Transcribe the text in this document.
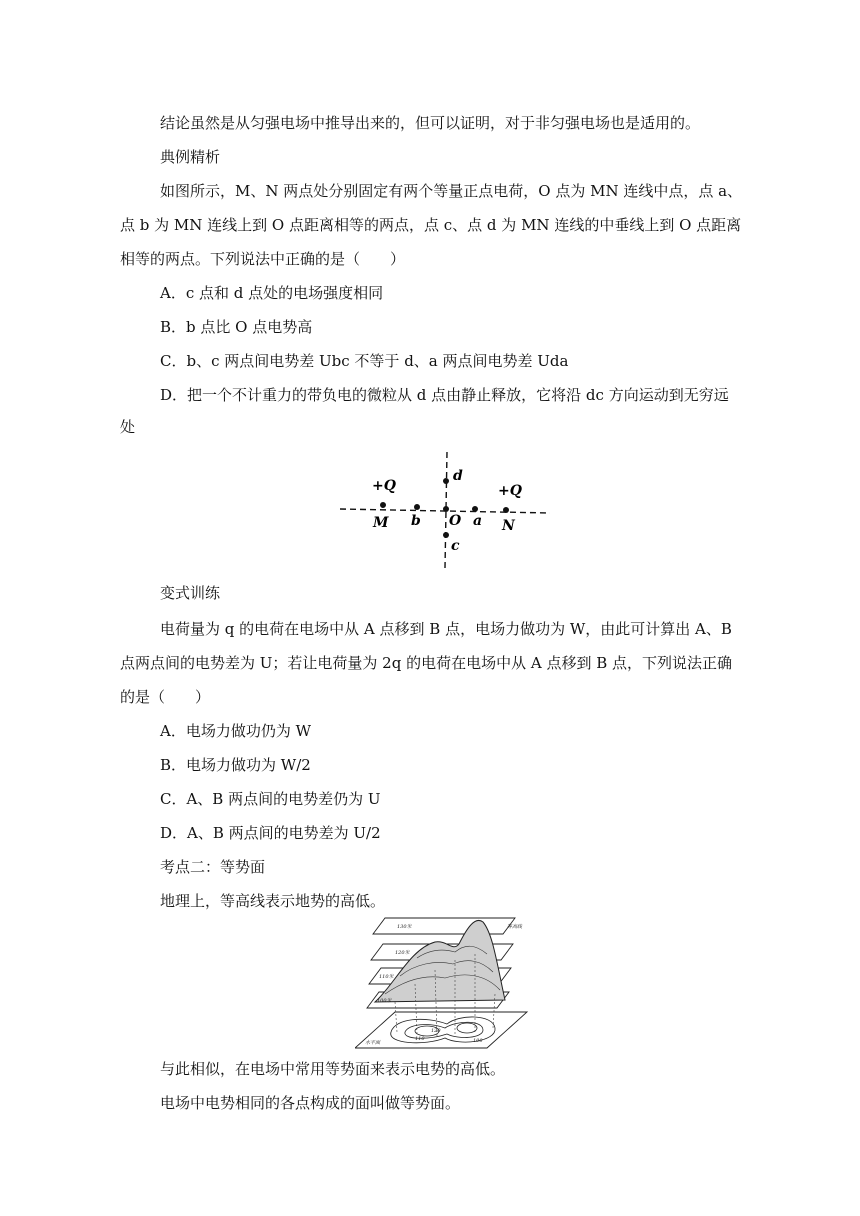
结论虽然是从匀强电场中推导出来的，但可以证明，对于非匀强电场也是适用的。
典例精析
如图所示，M、N 两点处分别固定有两个等量正点电荷，O 点为 MN 连线中点，点 a、
点 b 为 MN 连线上到 O 点距离相等的两点，点 c、点 d 为 MN 连线的中垂线上到 O 点距离
相等的两点。下列说法中正确的是（　　）
A．c 点和 d 点处的电场强度相同
B．b 点比 O 点电势高
C．b、c 两点间电势差 Ubc 不等于 d、a 两点间电势差 Uda
D．把一个不计重力的带负电的微粒从 d 点由静止释放，它将沿 dc 方向运动到无穷远
处
+Q	+Q
d
M b O a N
c
变式训练
电荷量为 q 的电荷在电场中从 A 点移到 B 点，电场力做功为 W，由此可计算出 A、B
点两点间的电势差为 U；若让电荷量为 2q 的电荷在电场中从 A 点移到 B 点，下列说法正确
的是（　　）
A．电场力做功仍为 W
B．电场力做功为 W/2
C．A、B 两点间的电势差仍为 U
D．A、B 两点间的电势差为 U/2
考点二：等势面
地理上，等高线表示地势的高低。
130米
120米
110米
100米
水平面
110
120
100
等高线
与此相似，在电场中常用等势面来表示电势的高低。
电场中电势相同的各点构成的面叫做等势面。
